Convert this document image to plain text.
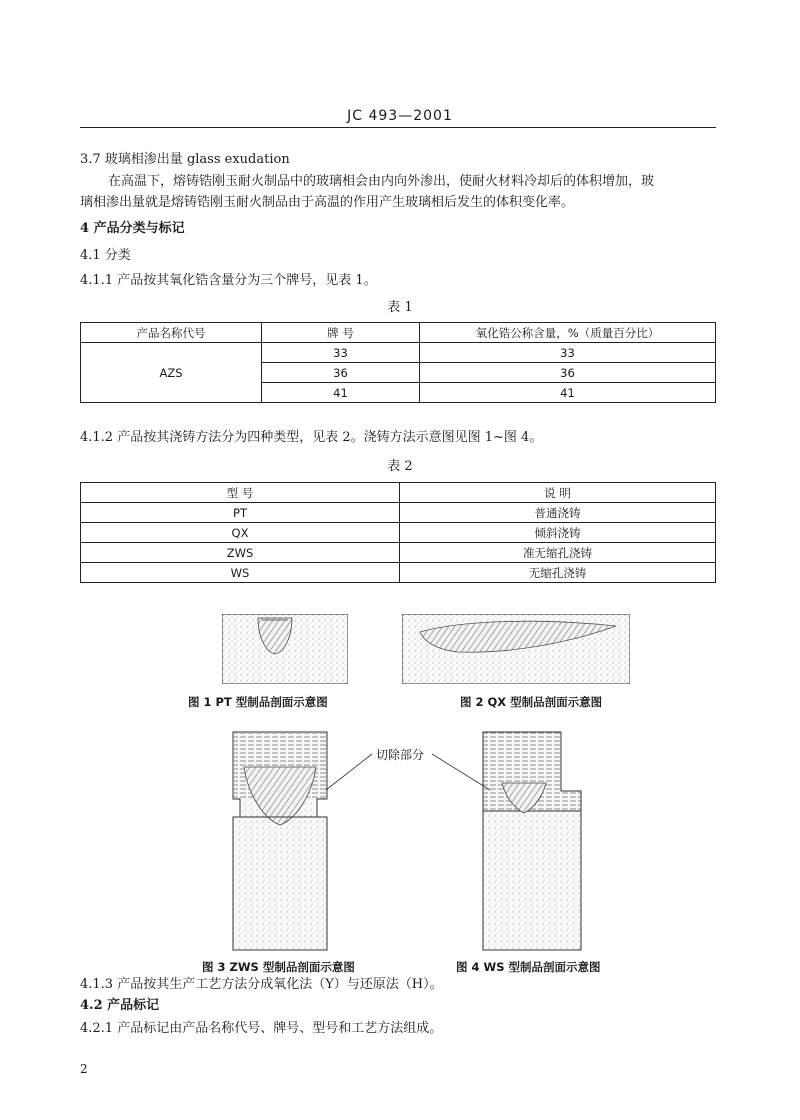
JC 493—2001
3.7 玻璃相渗出量 glass exudation
在高温下，熔铸锆刚玉耐火制品中的玻璃相会由内向外渗出，使耐火材料冷却后的体积增加，玻
璃相渗出量就是熔铸锆刚玉耐火制品由于高温的作用产生玻璃相后发生的体积变化率。
4 产品分类与标记
4.1 分类
4.1.1 产品按其氧化锆含量分为三个牌号，见表 1。
表 1
产品名称代号	牌 号	氧化锆公称含量，%（质量百分比）
AZS	33	33
	36	36
	41	41
4.1.2 产品按其浇铸方法分为四种类型，见表 2。浇铸方法示意图见图 1~图 4。
表 2
型 号	说 明
PT	普通浇铸
QX	倾斜浇铸
ZWS	准无缩孔浇铸
WS	无缩孔浇铸
图 1 PT 型制品剖面示意图	图 2 QX 型制品剖面示意图
图 3 ZWS 型制品剖面示意图	图 4 WS 型制品剖面示意图
切除部分
4.1.3 产品按其生产工艺方法分成氧化法（Y）与还原法（H）。
4.2 产品标记
4.2.1 产品标记由产品名称代号、牌号、型号和工艺方法组成。
2
